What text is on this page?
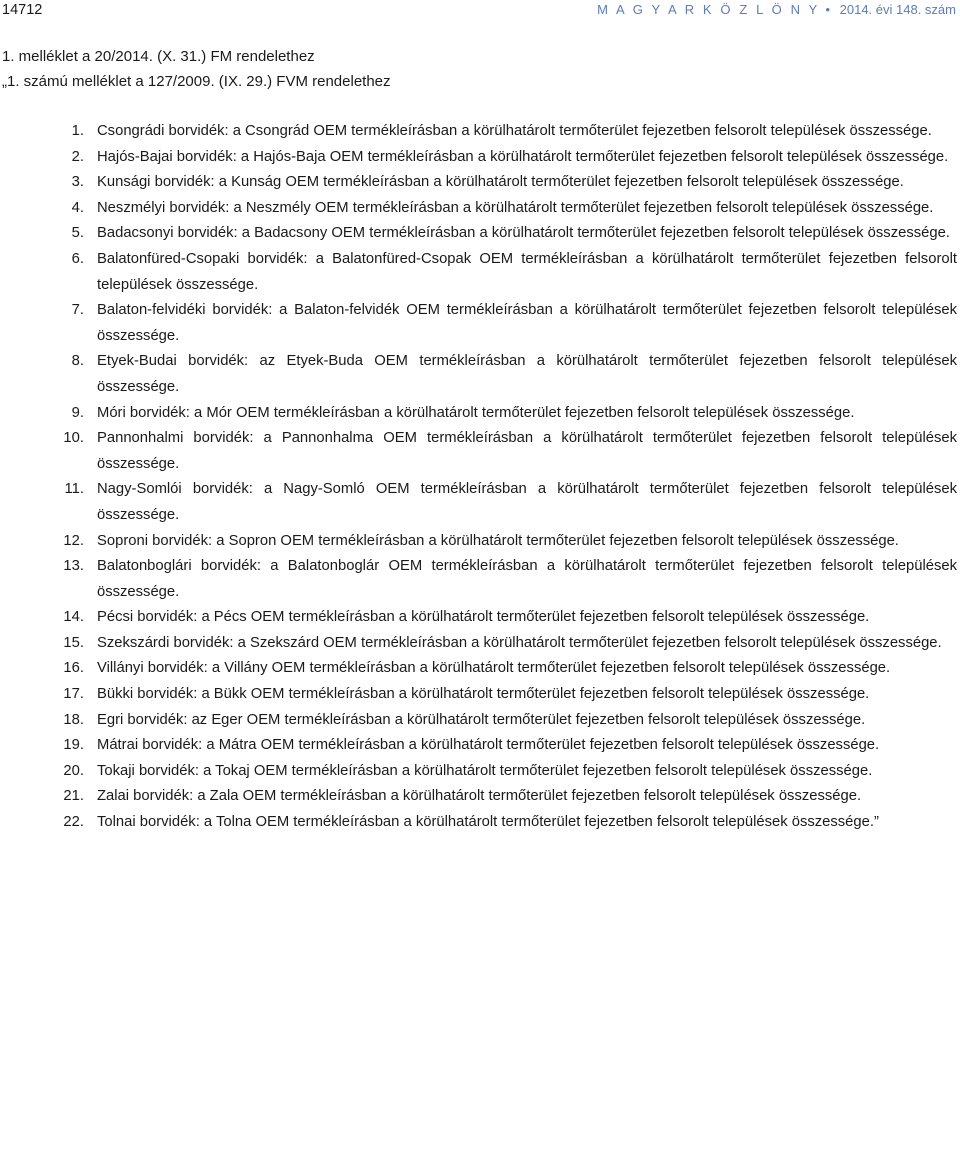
14712	M A G Y A R K Ö Z L Ö N Y • 2014. évi 148. szám
1. melléklet a 20/2014. (X. 31.) FM rendelethez
„1. számú melléklet a 127/2009. (IX. 29.) FVM rendelethez
1. Csongrádi borvidék: a Csongrád OEM termékleírásban a körülhatárolt termőterület fejezetben felsorolt települések összessége.
2. Hajós-Bajai borvidék: a Hajós-Baja OEM termékleírásban a körülhatárolt termőterület fejezetben felsorolt települések összessége.
3. Kunsági borvidék: a Kunság OEM termékleírásban a körülhatárolt termőterület fejezetben felsorolt települések összessége.
4. Neszmélyi borvidék: a Neszmély OEM termékleírásban a körülhatárolt termőterület fejezetben felsorolt települések összessége.
5. Badacsonyi borvidék: a Badacsony OEM termékleírásban a körülhatárolt termőterület fejezetben felsorolt települések összessége.
6. Balatonfüred-Csopaki borvidék: a Balatonfüred-Csopak OEM termékleírásban a körülhatárolt termőterület fejezetben felsorolt települések összessége.
7. Balaton-felvidéki borvidék: a Balaton-felvidék OEM termékleírásban a körülhatárolt termőterület fejezetben felsorolt települések összessége.
8. Etyek-Budai borvidék: az Etyek-Buda OEM termékleírásban a körülhatárolt termőterület fejezetben felsorolt települések összessége.
9. Móri borvidék: a Mór OEM termékleírásban a körülhatárolt termőterület fejezetben felsorolt települések összessége.
10. Pannonhalmi borvidék: a Pannonhalma OEM termékleírásban a körülhatárolt termőterület fejezetben felsorolt települések összessége.
11. Nagy-Somlói borvidék: a Nagy-Somló OEM termékleírásban a körülhatárolt termőterület fejezetben felsorolt települések összessége.
12. Soproni borvidék: a Sopron OEM termékleírásban a körülhatárolt termőterület fejezetben felsorolt települések összessége.
13. Balatonboglári borvidék: a Balatonboglár OEM termékleírásban a körülhatárolt termőterület fejezetben felsorolt települések összessége.
14. Pécsi borvidék: a Pécs OEM termékleírásban a körülhatárolt termőterület fejezetben felsorolt települések összessége.
15. Szekszárdi borvidék: a Szekszárd OEM termékleírásban a körülhatárolt termőterület fejezetben felsorolt települések összessége.
16. Villányi borvidék: a Villány OEM termékleírásban a körülhatárolt termőterület fejezetben felsorolt települések összessége.
17. Bükki borvidék: a Bükk OEM termékleírásban a körülhatárolt termőterület fejezetben felsorolt települések összessége.
18. Egri borvidék: az Eger OEM termékleírásban a körülhatárolt termőterület fejezetben felsorolt települések összessége.
19. Mátrai borvidék: a Mátra OEM termékleírásban a körülhatárolt termőterület fejezetben felsorolt települések összessége.
20. Tokaji borvidék: a Tokaj OEM termékleírásban a körülhatárolt termőterület fejezetben felsorolt települések összessége.
21. Zalai borvidék: a Zala OEM termékleírásban a körülhatárolt termőterület fejezetben felsorolt települések összessége.
22. Tolnai borvidék: a Tolna OEM termékleírásban a körülhatárolt termőterület fejezetben felsorolt települések összessége.”
